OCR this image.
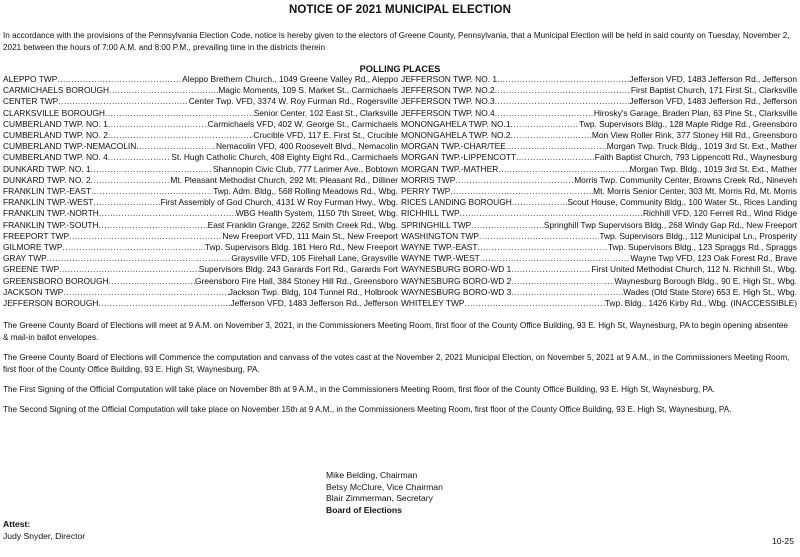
NOTICE OF 2021 MUNICIPAL ELECTION
In accordance with the provisions of the Pennsylvania Election Code, notice is hereby given to the electors of Greene County, Pennsylvania, that a Municipal Election will be held in said county on Tuesday, November 2, 2021 between the hours of 7:00 A.M. and 8:00 P.M., prevailing time in the districts therein
POLLING PLACES
ALEPPO TWP .....	Aleppo Brethern Church., 1049 Greene Valley Rd., Aleppo
CARMICHAELS BOROUGH .....	Magic Moments, 109 S. Market St., Carmichaels
CENTER TWP .....	Center Twp. VFD, 3374 W. Roy Furman Rd., Rogersville
CLARKSVILLE BOROUGH .....	Senior Center, 102 East St., Clarksville
CUMBERLAND TWP. NO. 1 .....	Carmichaels VFD, 402 W. George St., Carmichaels
CUMBERLAND TWP. NO. 2 .....	Crucible VFD, 117 E. First St., Crucible
CUMBERLAND TWP.-NEMACOLIN .....	Nemacolin VFD, 400 Roosevelt Blvd., Nemacolin
CUMBERLAND TWP. NO. 4 .....	St. Hugh Catholic Church, 408 Eighty Eight Rd., Carmichaels
DUNKARD TWP. NO. 1 .....	Shannopin Civic Club, 777 Larimer Ave., Bobtown
DUNKARD TWP. NO. 2 .....	Mt. Pleasant Methodist Church, 292 Mt. Pleasant Rd., Dilliner
FRANKLIN TWP.-EAST .....	Twp. Adm. Bldg., 568 Rolling Meadows Rd., Wbg.
FRANKLIN TWP.-WEST .....	First Assembly of God Church, 4131 W Roy Furman Hwy., Wbg.
FRANKLIN TWP.-NORTH .....	WBG Health System, 1150 7th Street, Wbg.
FRANKLIN TWP.-SOUTH .....	East Franklin Grange, 2262 Smith Creek Rd., Wbg.
FREEPORT TWP .....	New Freeport VFD, 111 Main St., New Freeport
GILMORE TWP .....	Twp. Supervisors Bldg. 181 Hero Rd., New Freeport
GRAY TWP .....	Graysville VFD, 105 Firehall Lane, Graysville
GREENE TWP .....	Supervisors Bldg. 243 Garards Fort Rd., Garards Fort
GREENSBORO BOROUGH .....	Greensboro Fire Hall, 384 Stoney Hill Rd., Greensboro
JACKSON TWP .....	Jackson Twp. Bldg, 104 Tunnel Rd., Holbrook
JEFFERSON BOROUGH .....	Jefferson VFD, 1483 Jefferson Rd., Jefferson
JEFFERSON TWP. NO. 1 .....	Jefferson VFD, 1483 Jefferson Rd., Jefferson
JEFFERSON TWP. NO.2 .....	First Baptist Church, 171 First St., Clarksville
JEFFERSON TWP. NO.3 .....	Jefferson VFD, 1483 Jefferson Rd., Jefferson
JEFFERSON TWP. NO.4 .....	Hirosky's Garage, Braden Plan, 63 Pine St., Clarksville
MONONGAHELA TWP. NO.1 .....	Twp. Supervisors Bldg., 128 Maple Ridge Rd., Greensboro
MONONGAHELA TWP. NO.2 .....	Mon View Roller Rink, 377 Stoney Hill Rd., Greensboro
MORGAN TWP.-CHAR/TEE .....	Morgan Twp. Truck Bldg., 1019 3rd St. Ext., Mather
MORGAN TWP.-LIPPENCOTT .....	Faith Baptist Church, 793 Lippencott Rd., Waynesburg
MORGAN TWP.-MATHER .....	Morgan Twp. Bldg., 1019 3rd St. Ext., Mather
MORRIS TWP .....	Morris Twp. Community Center, Browns Creek Rd., Nineveh
PERRY TWP .....	Mt. Morris Senior Center, 303 Mt. Morris Rd, Mt. Morris
RICES LANDING BOROUGH .....	Scout House, Community Bldg., 100 Water St., Rices Landing
RICHHILL TWP .....	Richhill VFD, 120 Ferrell Rd., Wind Ridge
SPRINGHILL TWP .....	Springhill Twp Supervisors Bldg., 268 Windy Gap Rd., New Freeport
WASHINGTON TWP .....	Twp. Supervisors Bldg., 112 Municipal Ln., Prosperity
WAYNE TWP.-EAST .....	Twp. Supervisors Bldg., 123 Spraggs Rd., Spraggs
WAYNE TWP.-WEST .....	Wayne Twp VFD, 123 Oak Forest Rd., Brave
WAYNESBURG BORO-WD 1 .....	First United Methodist Church, 112 N. Richhill St., Wbg.
WAYNESBURG BORO-WD 2 .....	Waynesburg Borough Bldg., 90 E. High St., Wbg.
WAYNESBURG BORO-WD 3 .....	Wades (Old State Store) 653 E. High St., Wbg.
WHITELEY TWP .....	Twp. Bldg., 1426 Kirby Rd., Wbg. (INACCESSIBLE)
The Greene County Board of Elections will meet at 9 A.M. on November 3, 2021, in the Commissioners Meeting Room, first floor of the County Office Building, 93 E. High St, Waynesburg, PA to begin opening absentee & mail-in ballot envelopes.
The Greene County Board of Elections will Commence the computation and canvass of the votes cast at the November 2, 2021 Municipal Election, on November 5, 2021 at 9 A.M., in the Commissioners Meeting Room, first floor of the County Office Building, 93 E. High St, Waynesburg, PA.
The First Signing of the Official Computation will take place on November 8th at 9 A.M., in the Commissioners Meeting Room, first floor of the County Office Building, 93 E. High St, Waynesburg, PA.
The Second Signing of the Official Computation will take place on November 15th at 9 A.M., in the Commissioners Meeting Room, first floor of the County Office Building, 93 E. High St, Waynesburg, PA.
Mike Belding, Chairman
Betsy McClure, Vice Chairman
Blair Zimmerman, Secretary
Board of Elections
Attest:
Judy Snyder, Director
10-25
